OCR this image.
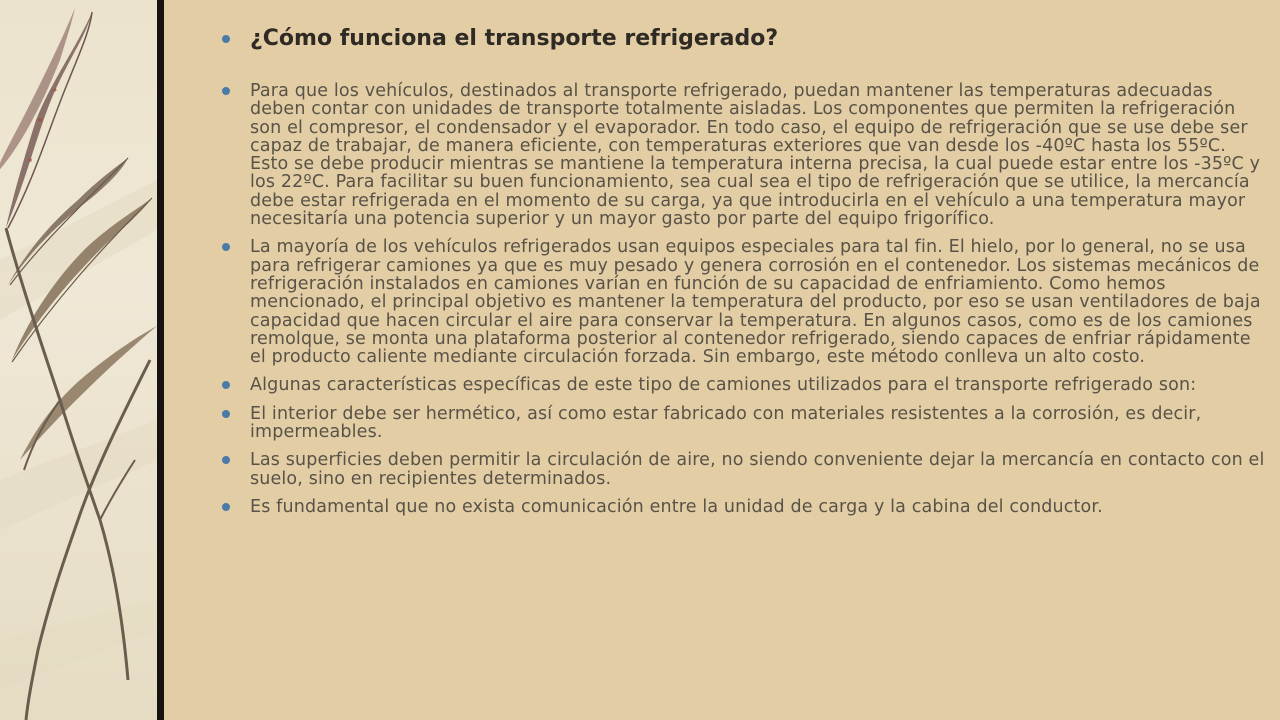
¿Cómo funciona el transporte refrigerado?
Para que los vehículos, destinados al transporte refrigerado, puedan mantener las temperaturas adecuadas deben contar con unidades de transporte totalmente aisladas. Los componentes que permiten la refrigeración son el compresor, el condensador y el evaporador. En todo caso, el equipo de refrigeración que se use debe ser capaz de trabajar, de manera eficiente, con temperaturas exteriores que van desde los -40ºC hasta los 55ºC. Esto se debe producir mientras se mantiene la temperatura interna precisa, la cual puede estar entre los -35ºC y los 22ºC. Para facilitar su buen funcionamiento, sea cual sea el tipo de refrigeración que se utilice, la mercancía debe estar refrigerada en el momento de su carga, ya que introducirla en el vehículo a una temperatura mayor necesitaría una potencia superior y un mayor gasto por parte del equipo frigorífico.
La mayoría de los vehículos refrigerados usan equipos especiales para tal fin. El hielo, por lo general, no se usa para refrigerar camiones ya que es muy pesado y genera corrosión en el contenedor. Los sistemas mecánicos de refrigeración instalados en camiones varían en función de su capacidad de enfriamiento. Como hemos mencionado, el principal objetivo es mantener la temperatura del producto, por eso se usan ventiladores de baja capacidad que hacen circular el aire para conservar la temperatura. En algunos casos, como es de los camiones remolque, se monta una plataforma posterior al contenedor refrigerado, siendo capaces de enfriar rápidamente el producto caliente mediante circulación forzada. Sin embargo, este método conlleva un alto costo.
Algunas características específicas de este tipo de camiones utilizados para el transporte refrigerado son:
El interior debe ser hermético, así como estar fabricado con materiales resistentes a la corrosión, es decir, impermeables.
Las superficies deben permitir la circulación de aire, no siendo conveniente dejar la mercancía en contacto con el suelo, sino en recipientes determinados.
Es fundamental que no exista comunicación entre la unidad de carga y la cabina del conductor.
